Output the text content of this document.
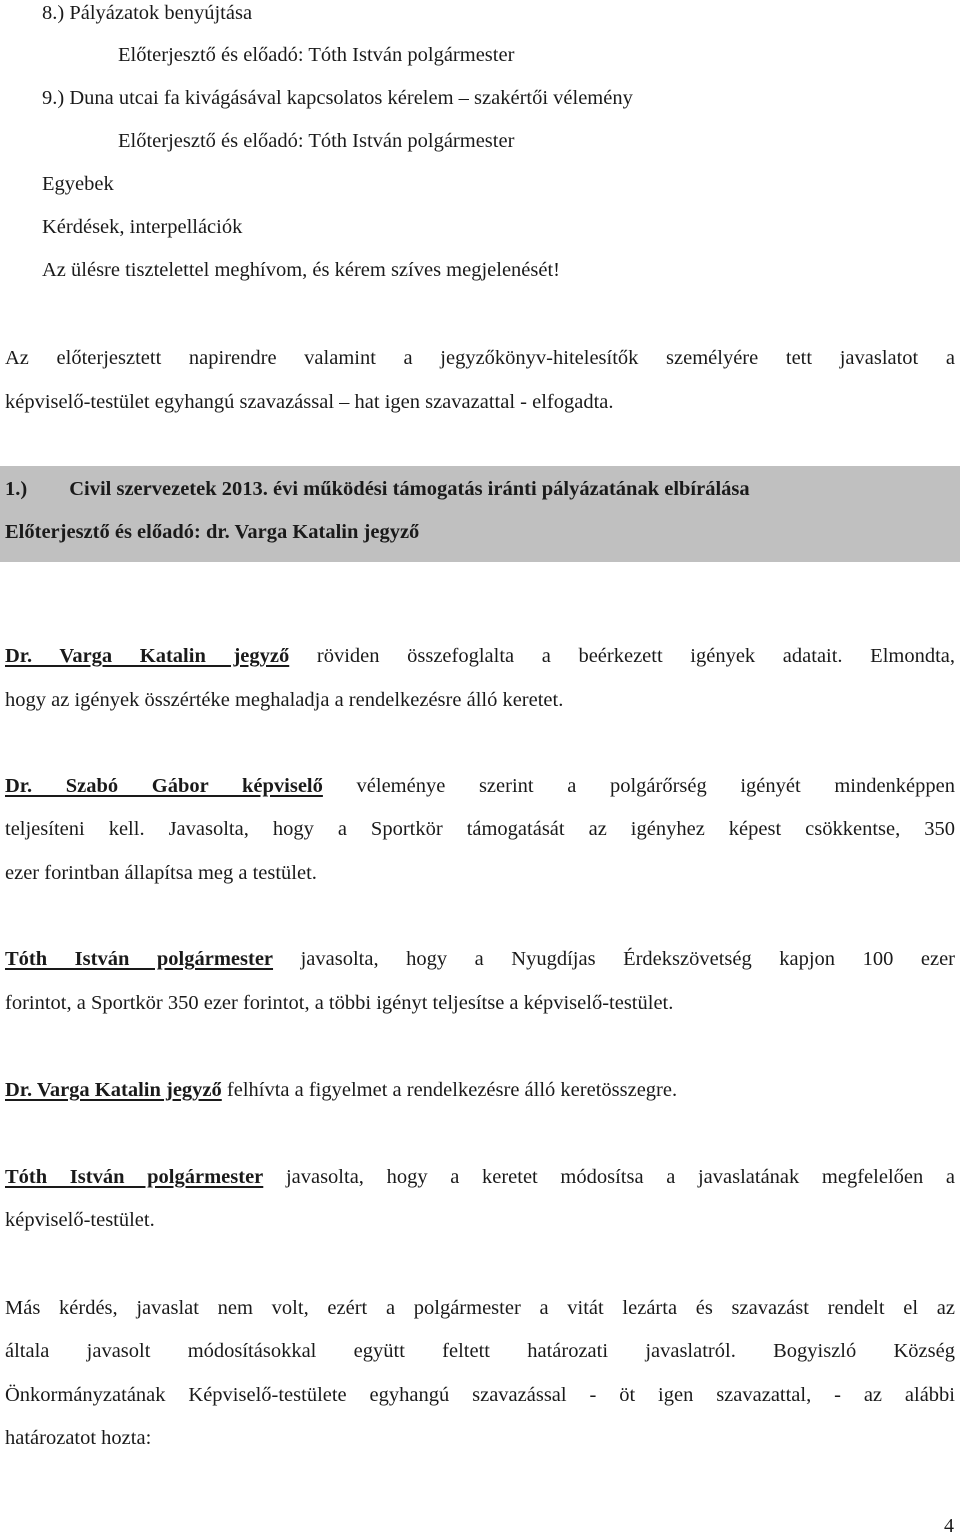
8.) Pályázatok benyújtása
Előterjesztő és előadó: Tóth István polgármester
9.) Duna utcai fa kivágásával kapcsolatos kérelem – szakértői vélemény
Előterjesztő és előadó: Tóth István polgármester
Egyebek
Kérdések, interpellációk
Az ülésre tisztelettel meghívom, és kérem szíves megjelenését!
Az előterjesztett napirendre valamint a jegyzőkönyv-hitelesítők személyére tett javaslatot a
képviselő-testület egyhangú szavazással – hat igen szavazattal - elfogadta.
1.) Civil szervezetek 2013. évi működési támogatás iránti pályázatának elbírálása
Előterjesztő és előadó: dr. Varga Katalin jegyző
Dr. Varga Katalin jegyző röviden összefoglalta a beérkezett igények adatait. Elmondta,
hogy az igények összértéke meghaladja a rendelkezésre álló keretet.
Dr. Szabó Gábor képviselő véleménye szerint a polgárőrség igényét mindenképpen
teljesíteni kell. Javasolta, hogy a Sportkör támogatását az igényhez képest csökkentse, 350
ezer forintban állapítsa meg a testület.
Tóth István polgármester javasolta, hogy a Nyugdíjas Érdekszövetség kapjon 100 ezer
forintot, a Sportkör 350 ezer forintot, a többi igényt teljesítse a képviselő-testület.
Dr. Varga Katalin jegyző felhívta a figyelmet a rendelkezésre álló keretösszegre.
Tóth István polgármester javasolta, hogy a keretet módosítsa a javaslatának megfelelően a
képviselő-testület.
Más kérdés, javaslat nem volt, ezért a polgármester a vitát lezárta és szavazást rendelt el az
általa javasolt módosításokkal együtt feltett határozati javaslatról. Bogyiszló Község
Önkormányzatának Képviselő-testülete egyhangú szavazással - öt igen szavazattal, - az alábbi
határozatot hozta:
4
